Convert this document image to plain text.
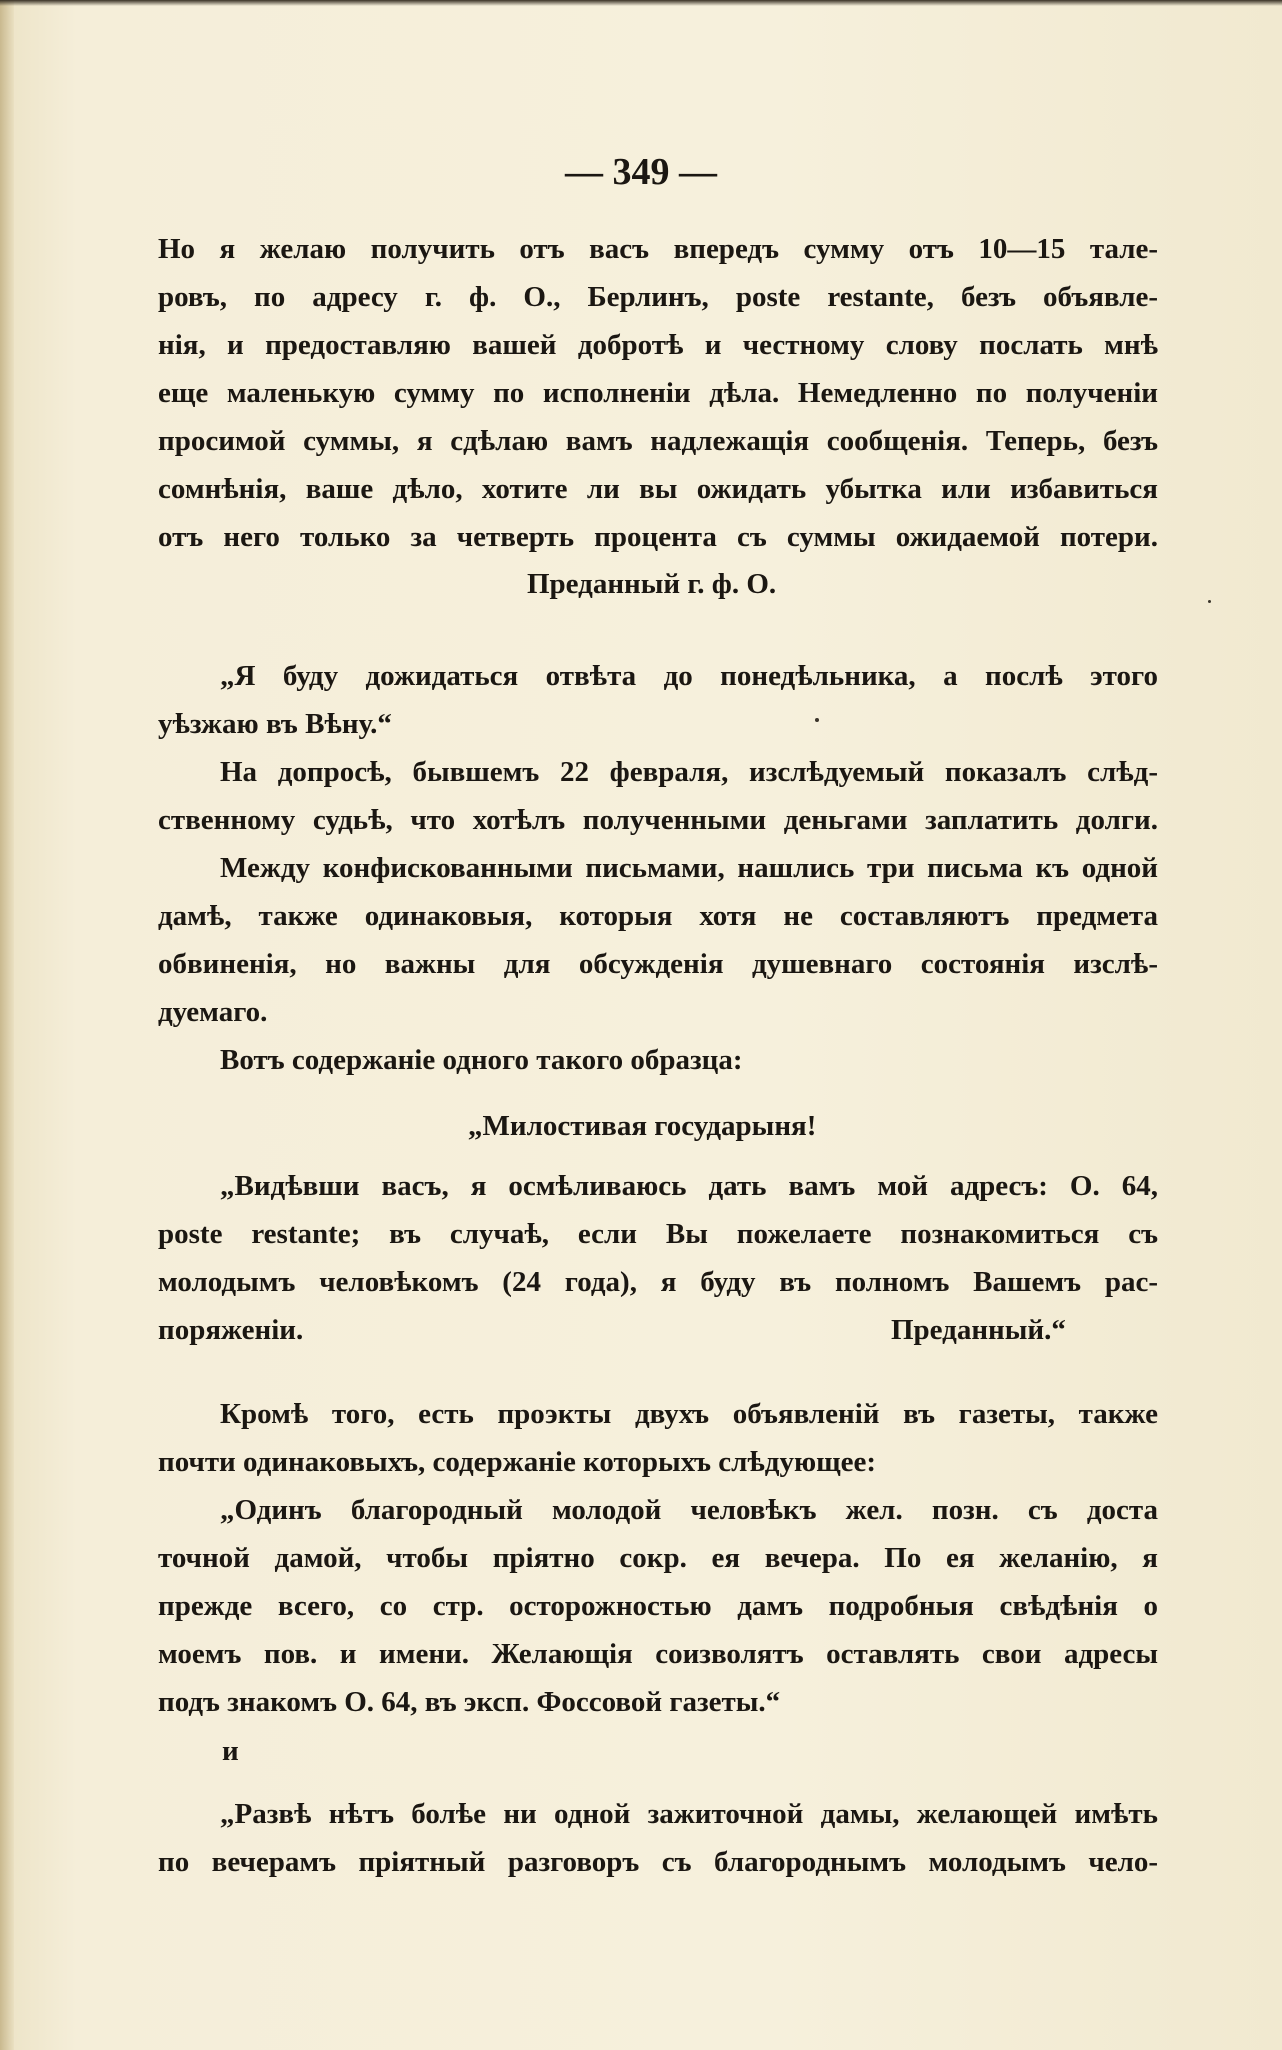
— 349 —
Но я желаю получить отъ васъ впередъ сумму отъ 10—15 тале-
ровъ, по адресу г. ф. О., Берлинъ, poste restante, безъ объявле-
нія, и предоставляю вашей добротѣ и честному слову послать мнѣ
еще маленькую сумму по исполненіи дѣла. Немедленно по полученіи
просимой суммы, я сдѣлаю вамъ надлежащія сообщенія. Теперь, безъ
сомнѣнія, ваше дѣло, хотите ли вы ожидать убытка или избавиться
отъ него только за четверть процента съ суммы ожидаемой потери.
Преданный г. ф. О.
„Я буду дожидаться отвѣта до понедѣльника, а послѣ этого
уѣзжаю въ Вѣну.“
На допросѣ, бывшемъ 22 февраля, изслѣдуемый показалъ слѣд-
ственному судьѣ, что хотѣлъ полученными деньгами заплатить долги.
Между конфискованными письмами, нашлись три письма къ одной
дамѣ, также одинаковыя, которыя хотя не составляютъ предмета
обвиненія, но важны для обсужденія душевнаго состоянія изслѣ-
дуемаго.
Вотъ содержаніе одного такого образца:
„Милостивая государыня!
„Видѣвши васъ, я осмѣливаюсь дать вамъ мой адресъ: О. 64,
poste restante; въ случаѣ, если Вы пожелаете познакомиться съ
молодымъ человѣкомъ (24 года), я буду въ полномъ Вашемъ рас-
поряженіи.	Преданный.“
Кромѣ того, есть проэкты двухъ объявленій въ газеты, также
почти одинаковыхъ, содержаніе которыхъ слѣдующее:
„Одинъ благородный молодой человѣкъ жел. позн. съ доста
точной дамой, чтобы пріятно сокр. ея вечера. По ея желанію, я
прежде всего, со стр. осторожностью дамъ подробныя свѣдѣнія о
моемъ пов. и имени. Желающія соизволятъ оставлять свои адресы
подъ знакомъ О. 64, въ эксп. Фоссовой газеты.“
и
„Развѣ нѣтъ болѣе ни одной зажиточной дамы, желающей имѣть
по вечерамъ пріятный разговоръ съ благороднымъ молодымъ чело-
